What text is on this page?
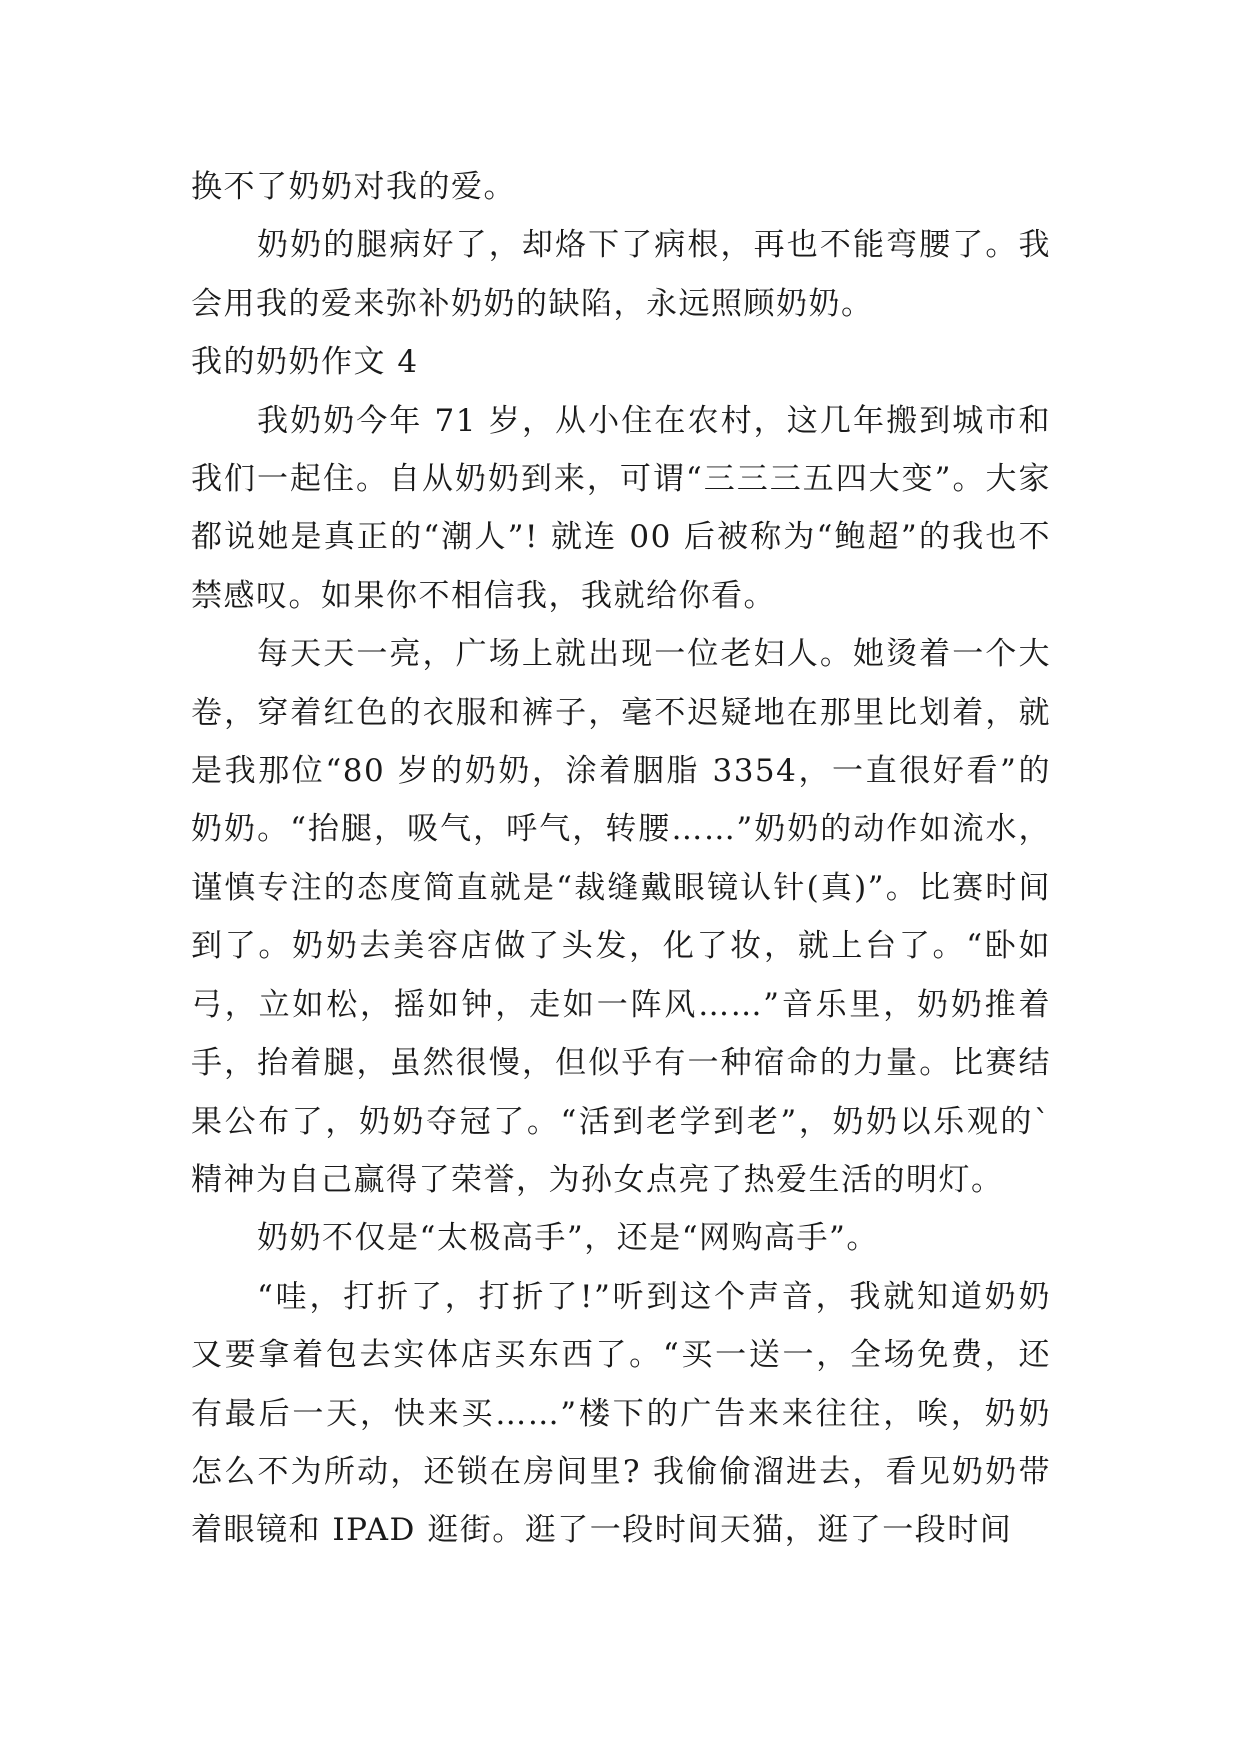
换不了奶奶对我的爱。

奶奶的腿病好了，却烙下了病根，再也不能弯腰了。我会用我的爱来弥补奶奶的缺陷，永远照顾奶奶。

我的奶奶作文 4

我奶奶今年 71 岁，从小住在农村，这几年搬到城市和我们一起住。自从奶奶到来，可谓“三三三五四大变”。大家都说她是真正的“潮人”! 就连 00 后被称为“鲍超”的我也不禁感叹。如果你不相信我，我就给你看。

每天天一亮，广场上就出现一位老妇人。她烫着一个大卷，穿着红色的衣服和裤子，毫不迟疑地在那里比划着，就是我那位“80 岁的奶奶，涂着胭脂 3354，一直很好看”的奶奶。“抬腿，吸气，呼气，转腰……”奶奶的动作如流水，谨慎专注的态度简直就是“裁缝戴眼镜认针(真)”。比赛时间到了。奶奶去美容店做了头发，化了妆，就上台了。“卧如弓，立如松，摇如钟，走如一阵风……”音乐里，奶奶推着手，抬着腿，虽然很慢，但似乎有一种宿命的力量。比赛结果公布了，奶奶夺冠了。“活到老学到老”，奶奶以乐观的`精神为自己赢得了荣誉，为孙女点亮了热爱生活的明灯。

奶奶不仅是“太极高手”，还是“网购高手”。

“哇，打折了，打折了!”听到这个声音，我就知道奶奶又要拿着包去实体店买东西了。“买一送一，全场免费，还有最后一天，快来买……”楼下的广告来来往往，唉，奶奶怎么不为所动，还锁在房间里? 我偷偷溜进去，看见奶奶带着眼镜和 IPAD 逛街。逛了一段时间天猫，逛了一段时间
